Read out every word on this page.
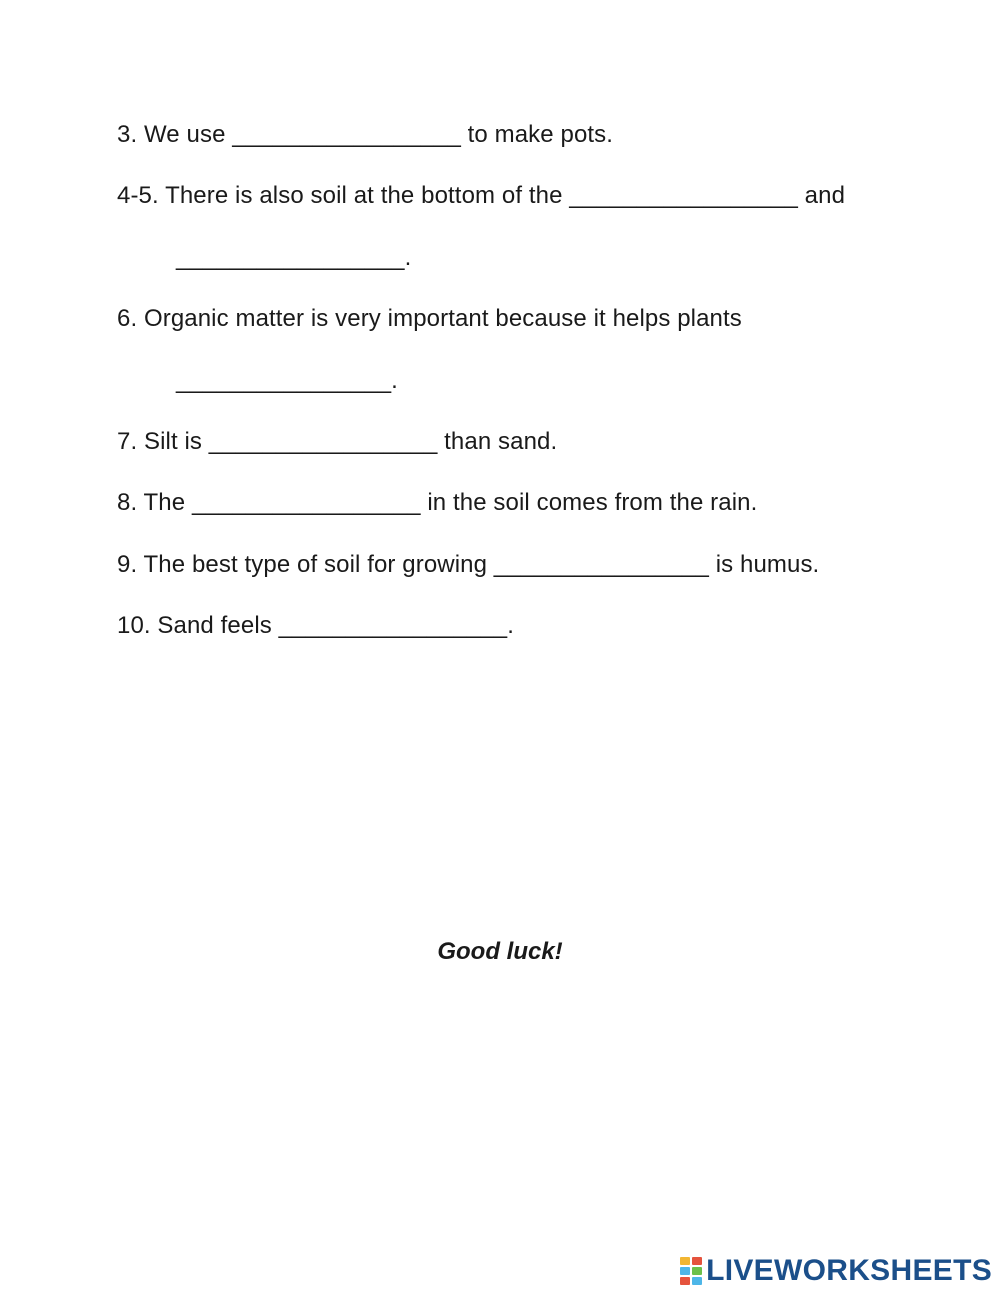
3. We use _________________ to make pots.
4-5. There is also soil at the bottom of the _________________ and
_________________.
6. Organic matter is very important because it helps plants
________________.
7. Silt is _________________ than sand.
8. The _________________ in the soil comes from the rain.
9. The best type of soil for growing ________________ is humus.
10. Sand feels _________________.
Good luck!
LIVEWORKSHEETS
